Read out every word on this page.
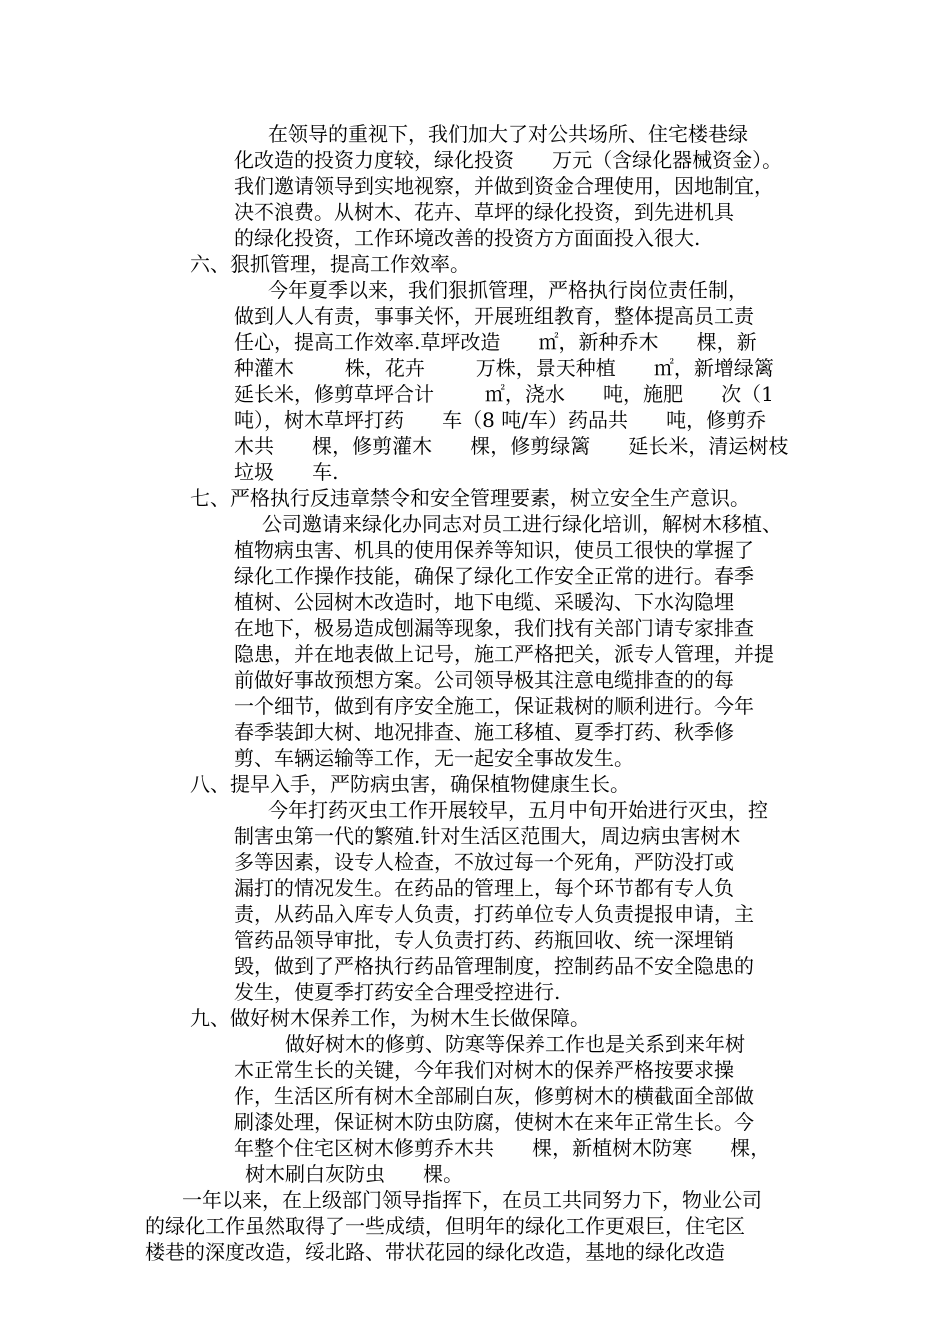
在领导的重视下，我们加大了对公共场所、住宅楼巷绿

化改造的投资力度较，绿化投资      万元（含绿化器械资金）。

我们邀请领导到实地视察，并做到资金合理使用，因地制宜，

决不浪费。从树木、花卉、草坪的绿化投资，到先进机具

的绿化投资，工作环境改善的投资方方面面投入很大.

六、狠抓管理，提高工作效率。

今年夏季以来，我们狠抓管理，严格执行岗位责任制，

做到人人有责，事事关怀，开展班组教育，整体提高员工责

任心，提高工作效率.草坪改造      ㎡，新种乔木      棵，新

种灌木        株，花卉        万株，景天种植      ㎡，新增绿篱

延长米，修剪草坪合计        ㎡，浇水      吨，施肥      次（1

吨），树木草坪打药      车（8 吨/车）药品共      吨，修剪乔

木共      棵，修剪灌木      棵，修剪绿篱      延长米，清运树枝

垃圾      车.

七、严格执行反违章禁令和安全管理要素，树立安全生产意识。

公司邀请来绿化办同志对员工进行绿化培训，解树木移植、

植物病虫害、机具的使用保养等知识，使员工很快的掌握了

绿化工作操作技能，确保了绿化工作安全正常的进行。春季

植树、公园树木改造时，地下电缆、采暖沟、下水沟隐埋

在地下，极易造成刨漏等现象，我们找有关部门请专家排查

隐患，并在地表做上记号，施工严格把关，派专人管理，并提

前做好事故预想方案。公司领导极其注意电缆排查的的每

一个细节，做到有序安全施工，保证栽树的顺利进行。今年

春季装卸大树、地况排查、施工移植、夏季打药、秋季修

剪、车辆运输等工作，无一起安全事故发生。

八、提早入手，严防病虫害，确保植物健康生长。

今年打药灭虫工作开展较早，五月中旬开始进行灭虫，控

制害虫第一代的繁殖.针对生活区范围大，周边病虫害树木

多等因素，设专人检查，不放过每一个死角，严防没打或

漏打的情况发生。在药品的管理上，每个环节都有专人负

责，从药品入库专人负责，打药单位专人负责提报申请，主

管药品领导审批，专人负责打药、药瓶回收、统一深埋销

毁，做到了严格执行药品管理制度，控制药品不安全隐患的

发生，使夏季打药安全合理受控进行.

九、做好树木保养工作，为树木生长做保障。

做好树木的修剪、防寒等保养工作也是关系到来年树

木正常生长的关键，今年我们对树木的保养严格按要求操

作，生活区所有树木全部刷白灰，修剪树木的横截面全部做

刷漆处理，保证树木防虫防腐，使树木在来年正常生长。今

年整个住宅区树木修剪乔木共      棵，新植树木防寒      棵，

树木刷白灰防虫      棵。

一年以来，在上级部门领导指挥下，在员工共同努力下，物业公司

的绿化工作虽然取得了一些成绩，但明年的绿化工作更艰巨，住宅区

楼巷的深度改造，绥北路、带状花园的绿化改造，基地的绿化改造
